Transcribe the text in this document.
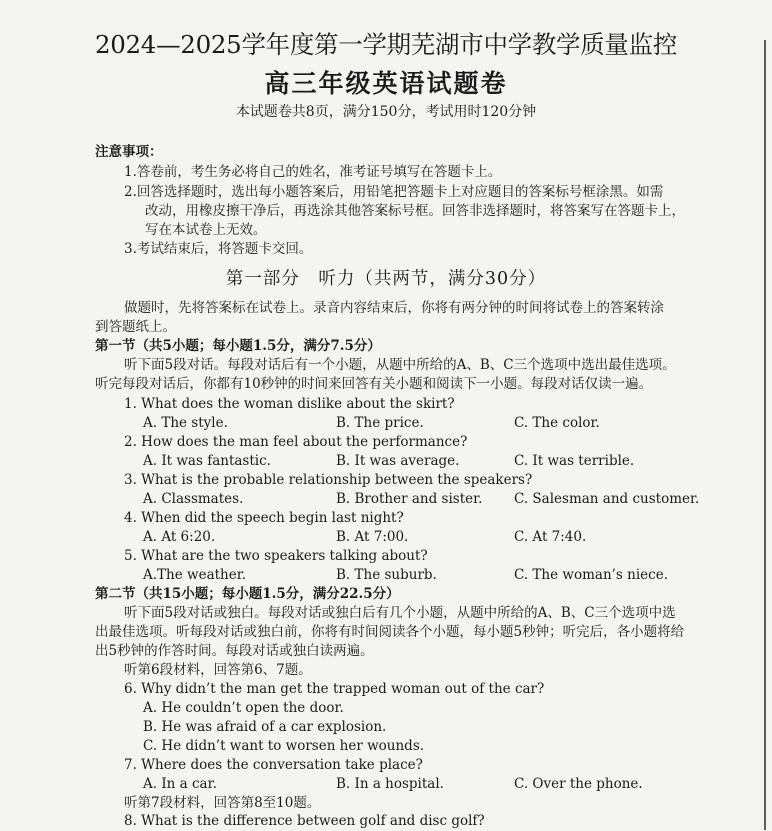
2024—2025学年度第一学期芜湖市中学教学质量监控
高三年级英语试题卷
本试题卷共8页，满分150分，考试用时120分钟
注意事项：
1.答卷前，考生务必将自己的姓名，准考证号填写在答题卡上。
2.回答选择题时，选出每小题答案后，用铅笔把答题卡上对应题目的答案标号框涂黑。如需
改动，用橡皮擦干净后，再选涂其他答案标号框。回答非选择题时，将答案写在答题卡上，
写在本试卷上无效。
3.考试结束后，将答题卡交回。
第一部分　听力（共两节，满分30分）
做题时，先将答案标在试卷上。录音内容结束后，你将有两分钟的时间将试卷上的答案转涂
到答题纸上。
第一节（共5小题；每小题1.5分，满分7.5分）
听下面5段对话。每段对话后有一个小题，从题中所给的A、B、C三个选项中选出最佳选项。
听完每段对话后，你都有10秒钟的时间来回答有关小题和阅读下一小题。每段对话仅读一遍。
1. What does the woman dislike about the skirt?
A. The style.	B. The price.	C. The color.
2. How does the man feel about the performance?
A. It was fantastic.	B. It was average.	C. It was terrible.
3. What is the probable relationship between the speakers?
A. Classmates.	B. Brother and sister. C. Salesman and customer.
4. When did the speech begin last night?
A. At 6:20.	B. At 7:00.	C. At 7:40.
5. What are the two speakers talking about?
A.The weather.	B. The suburb.	C. The woman’s niece.
第二节（共15小题；每小题1.5分，满分22.5分）
听下面5段对话或独白。每段对话或独白后有几个小题，从题中所给的A、B、C三个选项中选
出最佳选项。听每段对话或独白前，你将有时间阅读各个小题，每小题5秒钟；听完后，各小题将给
出5秒钟的作答时间。每段对话或独白读两遍。
听第6段材料，回答第6、7题。
6. Why didn’t the man get the trapped woman out of the car?
A. He couldn’t open the door.
B. He was afraid of a car explosion.
C. He didn’t want to worsen her wounds.
7. Where does the conversation take place?
A. In a car.	B. In a hospital.	C. Over the phone.
听第7段材料，回答第8至10题。
8. What is the difference between golf and disc golf?
